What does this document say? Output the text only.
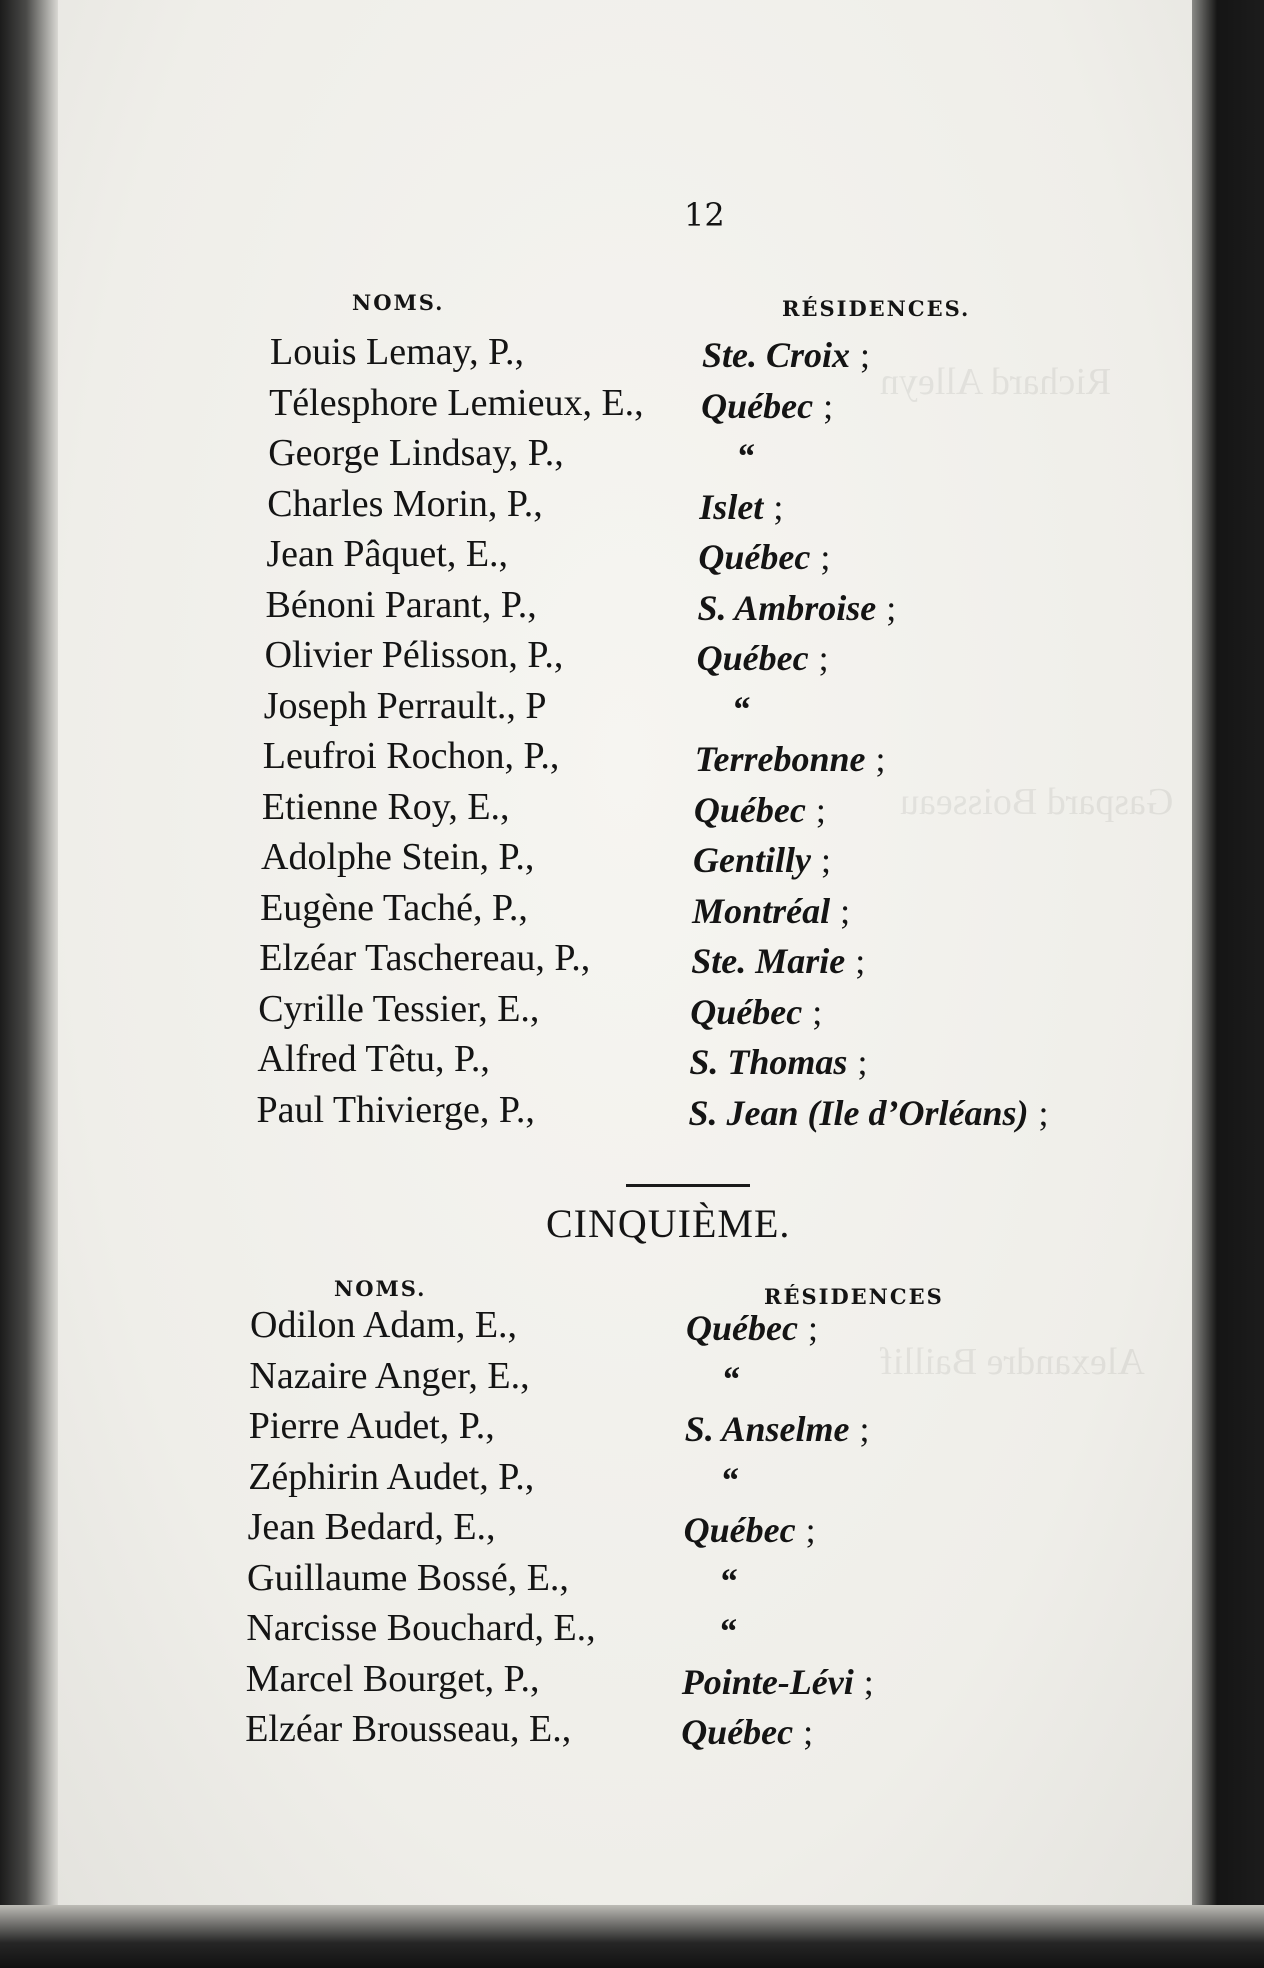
Richard Alleyn
Gaspard Boisseau
Alexandre Baillif
12
NOMS.	RÉSIDENCES.
Louis Lemay, P.,	Ste. Croix ;
Télesphore Lemieux, E., Québec ;
George Lindsay, P.,	“
Charles Morin, P.,	Islet ;
Jean Pâquet, E.,	Québec ;
Bénoni Parant, P.,	S. Ambroise ;
Olivier Pélisson, P.,	Québec ;
Joseph Perrault., P	“
Leufroi Rochon, P.,	Terrebonne ;
Etienne Roy, E.,	Québec ;
Adolphe Stein, P.,	Gentilly ;
Eugène Taché, P.,	Montréal ;
Elzéar Taschereau, P.,	Ste. Marie ;
Cyrille Tessier, E.,	Québec ;
Alfred Têtu, P.,	S. Thomas ;
Paul Thivierge, P.,	S. Jean (Ile d’Orléans) ;
CINQUIÈME.
NOMS.	RÉSIDENCES
Odilon Adam, E.,	Québec ;
Nazaire Anger, E.,	“
Pierre Audet, P.,	S. Anselme ;
Zéphirin Audet, P.,	“
Jean Bedard, E.,	Québec ;
Guillaume Bossé, E.,	“
Narcisse Bouchard, E.,	“
Marcel Bourget, P.,	Pointe-Lévi ;
Elzéar Brousseau, E.,	Québec ;
